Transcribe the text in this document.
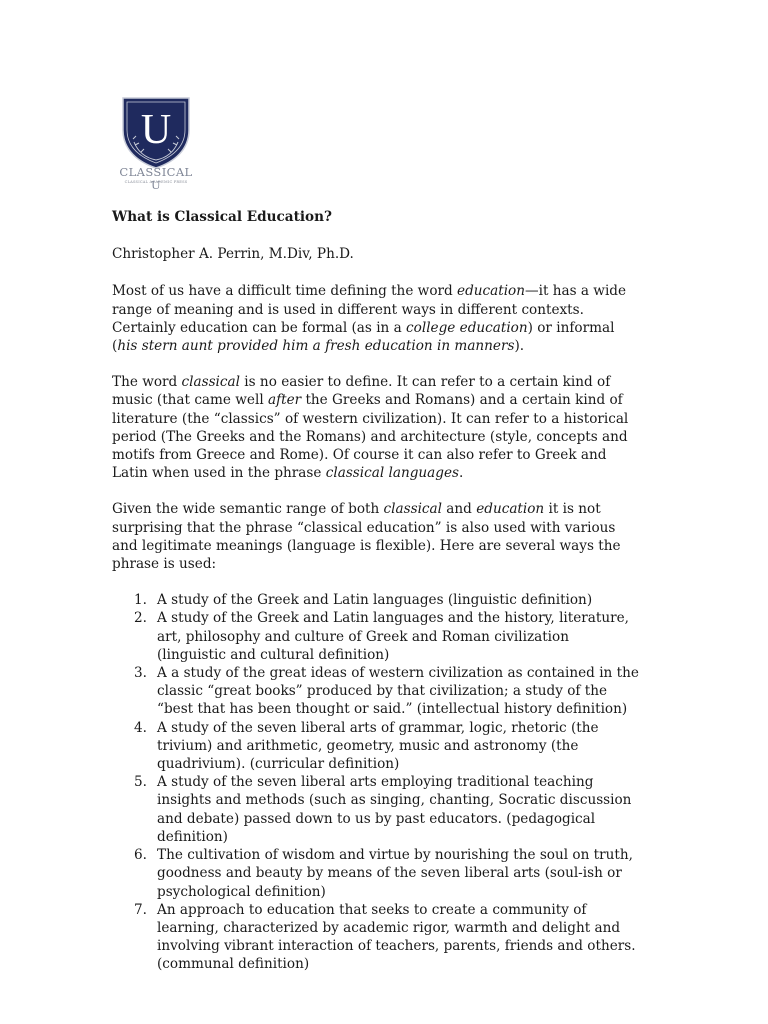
U
CLASSICAL U
CLASSICAL ACADEMIC PRESS
What is Classical Education?
Christopher A. Perrin, M.Div, Ph.D.

Most of us have a difficult time defining the word education—it has a wide range of meaning and is used in different ways in different contexts. Certainly education can be formal (as in a college education) or informal (his stern aunt provided him a fresh education in manners).

The word classical is no easier to define. It can refer to a certain kind of music (that came well after the Greeks and Romans) and a certain kind of literature (the “classics” of western civilization). It can refer to a historical period (The Greeks and the Romans) and architecture (style, concepts and motifs from Greece and Rome). Of course it can also refer to Greek and Latin when used in the phrase classical languages.

Given the wide semantic range of both classical and education it is not surprising that the phrase “classical education” is also used with various and legitimate meanings (language is flexible). Here are several ways the phrase is used:

1. A study of the Greek and Latin languages (linguistic definition)
2. A study of the Greek and Latin languages and the history, literature, art, philosophy and culture of Greek and Roman civilization (linguistic and cultural definition)
3. A a study of the great ideas of western civilization as contained in the classic “great books” produced by that civilization; a study of the “best that has been thought or said.” (intellectual history definition)
4. A study of the seven liberal arts of grammar, logic, rhetoric (the trivium) and arithmetic, geometry, music and astronomy (the quadrivium). (curricular definition)
5. A study of the seven liberal arts employing traditional teaching insights and methods (such as singing, chanting, Socratic discussion and debate) passed down to us by past educators. (pedagogical definition)
6. The cultivation of wisdom and virtue by nourishing the soul on truth, goodness and beauty by means of the seven liberal arts (soul-ish or psychological definition)
7. An approach to education that seeks to create a community of learning, characterized by academic rigor, warmth and delight and involving vibrant interaction of teachers, parents, friends and others. (communal definition)
